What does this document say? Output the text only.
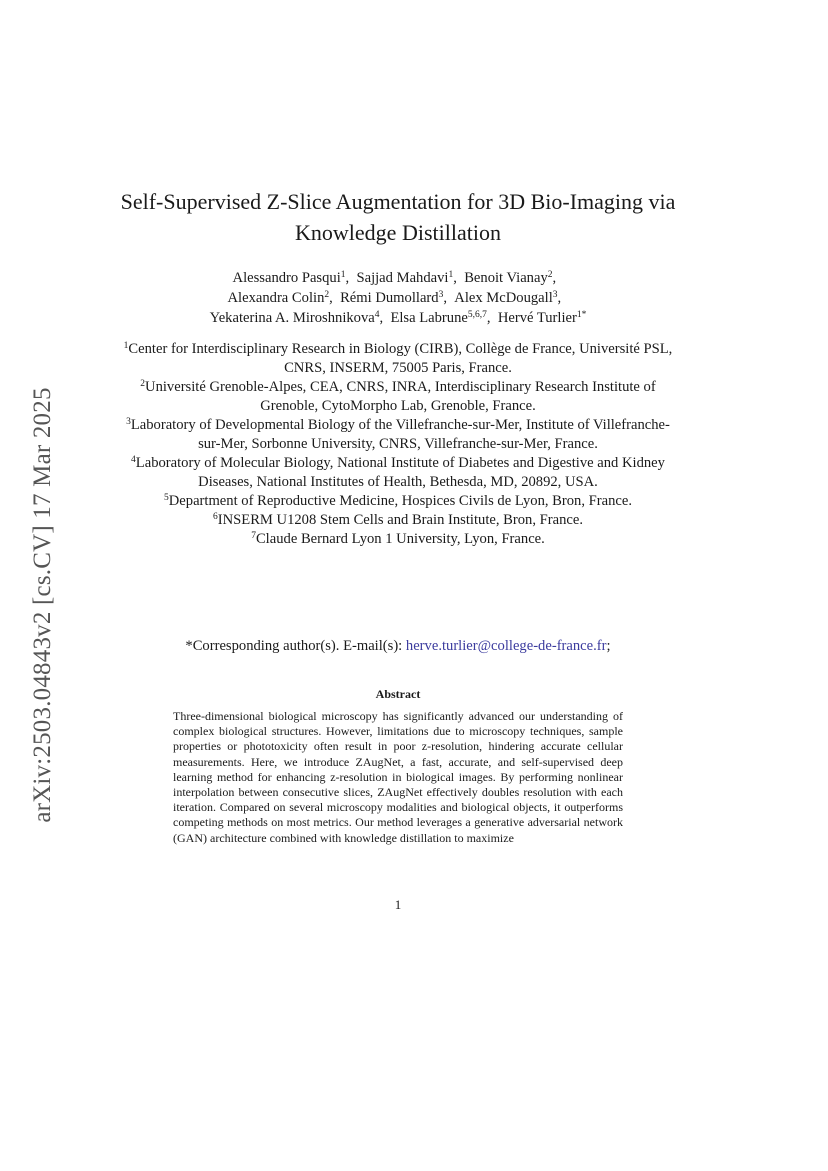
arXiv:2503.04843v2 [cs.CV] 17 Mar 2025
Self-Supervised Z-Slice Augmentation for 3D Bio-Imaging via Knowledge Distillation
Alessandro Pasqui$^1$,  Sajjad Mahdavi$^1$,  Benoit Vianay$^2$,
Alexandra Colin$^2$,  Rémi Dumollard$^3$,  Alex McDougall$^3$,
Yekaterina A. Miroshnikova$^4$,  Elsa Labrune$^{5,6,7}$,  Hervé Turlier$^{1*}$

$^1$Center for Interdisciplinary Research in Biology (CIRB), Collège de France, Université PSL, CNRS, INSERM, 75005 Paris, France.

$^2$Université Grenoble-Alpes, CEA, CNRS, INRA, Interdisciplinary Research Institute of Grenoble, CytoMorpho Lab, Grenoble, France.

$^3$Laboratory of Developmental Biology of the Villefranche-sur-Mer, Institute of Villefranche-sur-Mer, Sorbonne University, CNRS, Villefranche-sur-Mer, France.

$^4$Laboratory of Molecular Biology, National Institute of Diabetes and Digestive and Kidney Diseases, National Institutes of Health, Bethesda, MD, 20892, USA.

$^5$Department of Reproductive Medicine, Hospices Civils de Lyon, Bron, France.

$^6$INSERM U1208 Stem Cells and Brain Institute, Bron, France.

$^7$Claude Bernard Lyon 1 University, Lyon, France.

*Corresponding author(s). E-mail(s): herve.turlier@college-de-france.fr;
Abstract

Three-dimensional biological microscopy has significantly advanced our understanding of complex biological structures. However, limitations due to microscopy techniques, sample properties or phototoxicity often result in poor z-resolution, hindering accurate cellular measurements. Here, we introduce ZAugNet, a fast, accurate, and self-supervised deep learning method for enhancing z-resolution in biological images. By performing nonlinear interpolation between consecutive slices, ZAugNet effectively doubles resolution with each iteration. Compared on several microscopy modalities and biological objects, it outperforms competing methods on most metrics. Our method leverages a generative adversarial network (GAN) architecture combined with knowledge distillation to maximize

1
